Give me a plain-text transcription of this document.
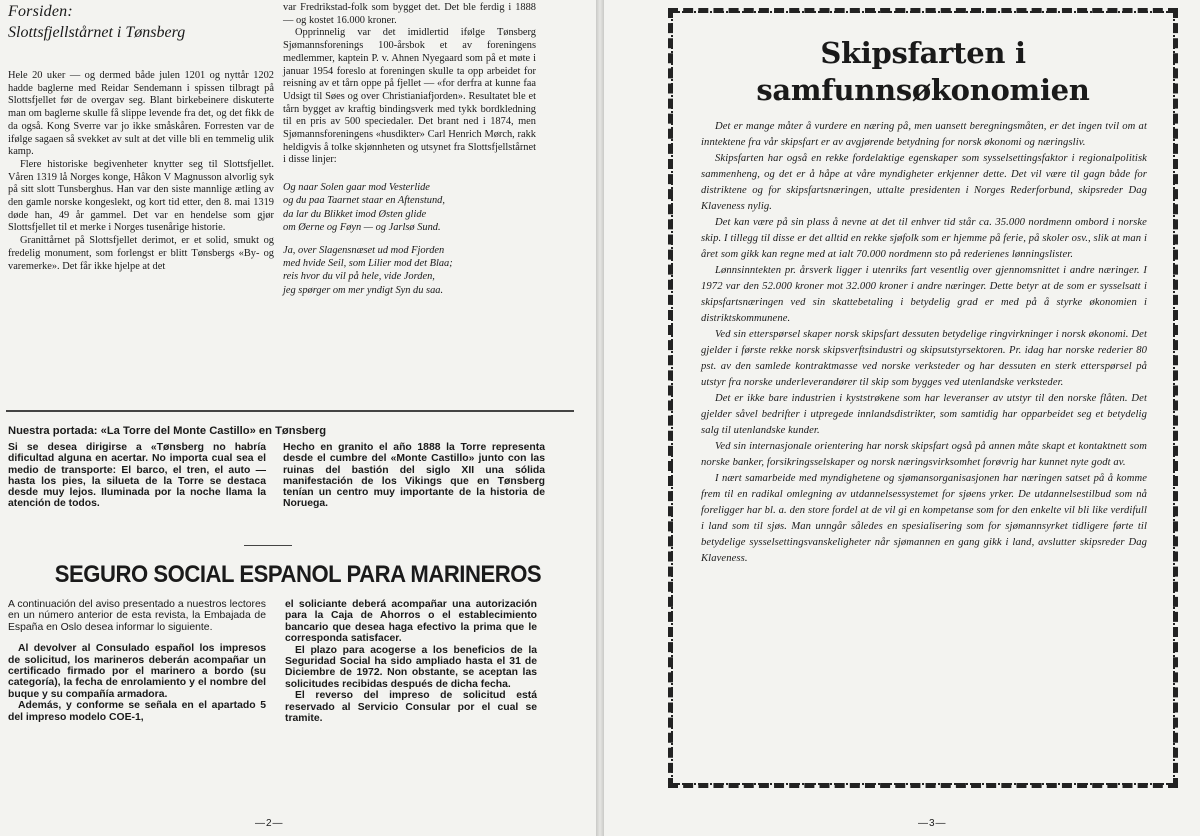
Forsiden:
Slottsfjellstårnet i Tønsberg

Hele 20 uker — og dermed både julen 1201 og nyttår 1202 hadde baglerne med Reidar Sendemann i spissen tilbragt på Slottsfjellet før de overgav seg. Blant birkebeinere diskuterte man om baglerne skulle få slippe levende fra det, og det fikk de da også. Kong Sverre var jo ikke småskåren. Forresten var de ifølge sagaen så svekket av sult at det ville bli en temmelig ulik kamp.

Flere historiske begivenheter knytter seg til Slottsfjellet. Våren 1319 lå Norges konge, Håkon V Magnusson alvorlig syk på sitt slott Tunsberghus. Han var den siste mannlige ætling av den gamle norske kongeslekt, og kort tid etter, den 8. mai 1319 døde han, 49 år gammel. Det var en hendelse som gjør Slottsfjellet til et merke i Norges tusenårige historie.

Granittårnet på Slottsfjellet derimot, er et solid, smukt og fredelig monument, som forlengst er blitt Tønsbergs «By- og varemerke». Det får ikke hjelpe at det

var Fredrikstad-folk som bygget det. Det ble ferdig i 1888 — og kostet 16.000 kroner.

Opprinnelig var det imidlertid ifølge Tønsberg Sjømannsforenings 100-årsbok et av foreningens medlemmer, kaptein P. v. Ahnen Nyegaard som på et møte i januar 1954 foreslo at foreningen skulle ta opp arbeidet for reisning av et tårn oppe på fjellet — «for derfra at kunne faa Udsigt til Søes og over Christianiafjorden». Resultatet ble et tårn bygget av kraftig bindingsverk med tykk bordkledning til en pris av 500 speciedaler. Det brant ned i 1874, men Sjømannsforeningens «husdikter» Carl Henrich Mørch, rakk heldigvis å tolke skjønnheten og utsynet fra Slottsfjellstårnet i disse linjer:

Og naar Solen gaar mod Vesterlide
og du paa Taarnet staar en Aftenstund,
da lar du Blikket imod Østen glide
om Øerne og Føyn — og Jarlsø Sund.
Ja, over Slagensnæset ud mod Fjorden
med hvide Seil, som Lilier mod det Blaa;
reis hvor du vil på hele, vide Jorden,
jeg spørger om mer yndigt Syn du saa.
Nuestra portada: «La Torre del Monte Castillo» en Tønsberg

Si se desea dirigirse a «Tønsberg no habría dificultad alguna en acertar. No importa cual sea el medio de transporte: El barco, el tren, el auto — hasta los pies, la silueta de la Torre se destaca desde muy lejos. Iluminada por la noche llama la atención de todos.

Hecho en granito el año 1888 la Torre representa desde el cumbre del «Monte Castillo» junto con las ruinas del bastión del siglo XII una sólida manifestación de los Vikings que en Tønsberg tenían un centro muy importante de la historia de Noruega.

SEGURO SOCIAL ESPANOL PARA MARINEROS

A continuación del aviso presentado a nuestros lectores en un número anterior de esta revista, la Embajada de España en Oslo desea informar lo siguiente.

Al devolver al Consulado español los impresos de solicitud, los marineros deberán acompañar un certificado firmado por el marinero a bordo (su categoría), la fecha de enrolamiento y el nombre del buque y su compañía armadora.

Además, y conforme se señala en el apartado 5 del impreso modelo COE-1,

el soliciante deberá acompañar una autorización para la Caja de Ahorros o el establecimiento bancario que desea haga efectivo la prima que le corresponda satisfacer.

El plazo para acogerse a los beneficios de la Seguridad Social ha sido ampliado hasta el 31 de Diciembre de 1972. Non obstante, se aceptan las solicitudes recibidas después de dicha fecha.

El reverso del impreso de solicitud está reservado al Servicio Consular por el cual se tramite.

—2—
Skipsfarten i
samfunnsøkonomien

Det er mange måter å vurdere en næring på, men uansett beregningsmåten, er det ingen tvil om at inntektene fra vår skipsfart er av avgjørende betydning for norsk økonomi og næringsliv.

Skipsfarten har også en rekke fordelaktige egenskaper som sysselsettingsfaktor i regionalpolitisk sammenheng, og det er å håpe at våre myndigheter erkjenner dette. Det vil være til gagn både for distriktene og for skipsfartsnæringen, uttalte presidenten i Norges Rederforbund, skipsreder Dag Klaveness nylig.

Det kan være på sin plass å nevne at det til enhver tid står ca. 35.000 nordmenn ombord i norske skip. I tillegg til disse er det alltid en rekke sjøfolk som er hjemme på ferie, på skoler osv., slik at man i året som gikk kan regne med at ialt 70.000 nordmenn sto på rederienes lønningslister.

Lønnsinntekten pr. årsverk ligger i utenriks fart vesentlig over gjennomsnittet i andre næringer. I 1972 var den 52.000 kroner mot 32.000 kroner i andre næringer. Dette betyr at de som er sysselsatt i skipsfartsnæringen ved sin skattebetaling i betydelig grad er med på å styrke økonomien i distriktskommunene.

Ved sin etterspørsel skaper norsk skipsfart dessuten betydelige ringvirkninger i norsk økonomi. Det gjelder i første rekke norsk skipsverftsindustri og skipsutstyrsektoren. Pr. idag har norske rederier 80 pst. av den samlede kontraktmasse ved norske verksteder og har dessuten en sterk etterspørsel på utstyr fra norske underleverandører til skip som bygges ved utenlandske verksteder.

Det er ikke bare industrien i kyststrøkene som har leveranser av utstyr til den norske flåten. Det gjelder såvel bedrifter i utpregede innlandsdistrikter, som samtidig har opparbeidet seg et betydelig salg til utenlandske kunder.

Ved sin internasjonale orientering har norsk skipsfart også på annen måte skapt et kontaktnett som norske banker, forsikringsselskaper og norsk næringsvirksomhet forøvrig har kunnet nyte godt av.

I nært samarbeide med myndighetene og sjømansorganisasjonen har næringen satset på å komme frem til en radikal omlegning av utdannelsessystemet for sjøens yrker. De utdannelsestilbud som nå foreligger har bl. a. den store fordel at de vil gi en kompetanse som for den enkelte vil bli like verdifull i land som til sjøs. Man unngår således en spesialisering som for sjømannsyrket tidligere førte til betydelige sysselsettingsvanskeligheter når sjømannen en gang gikk i land, avslutter skipsreder Dag Klaveness.

—3—
